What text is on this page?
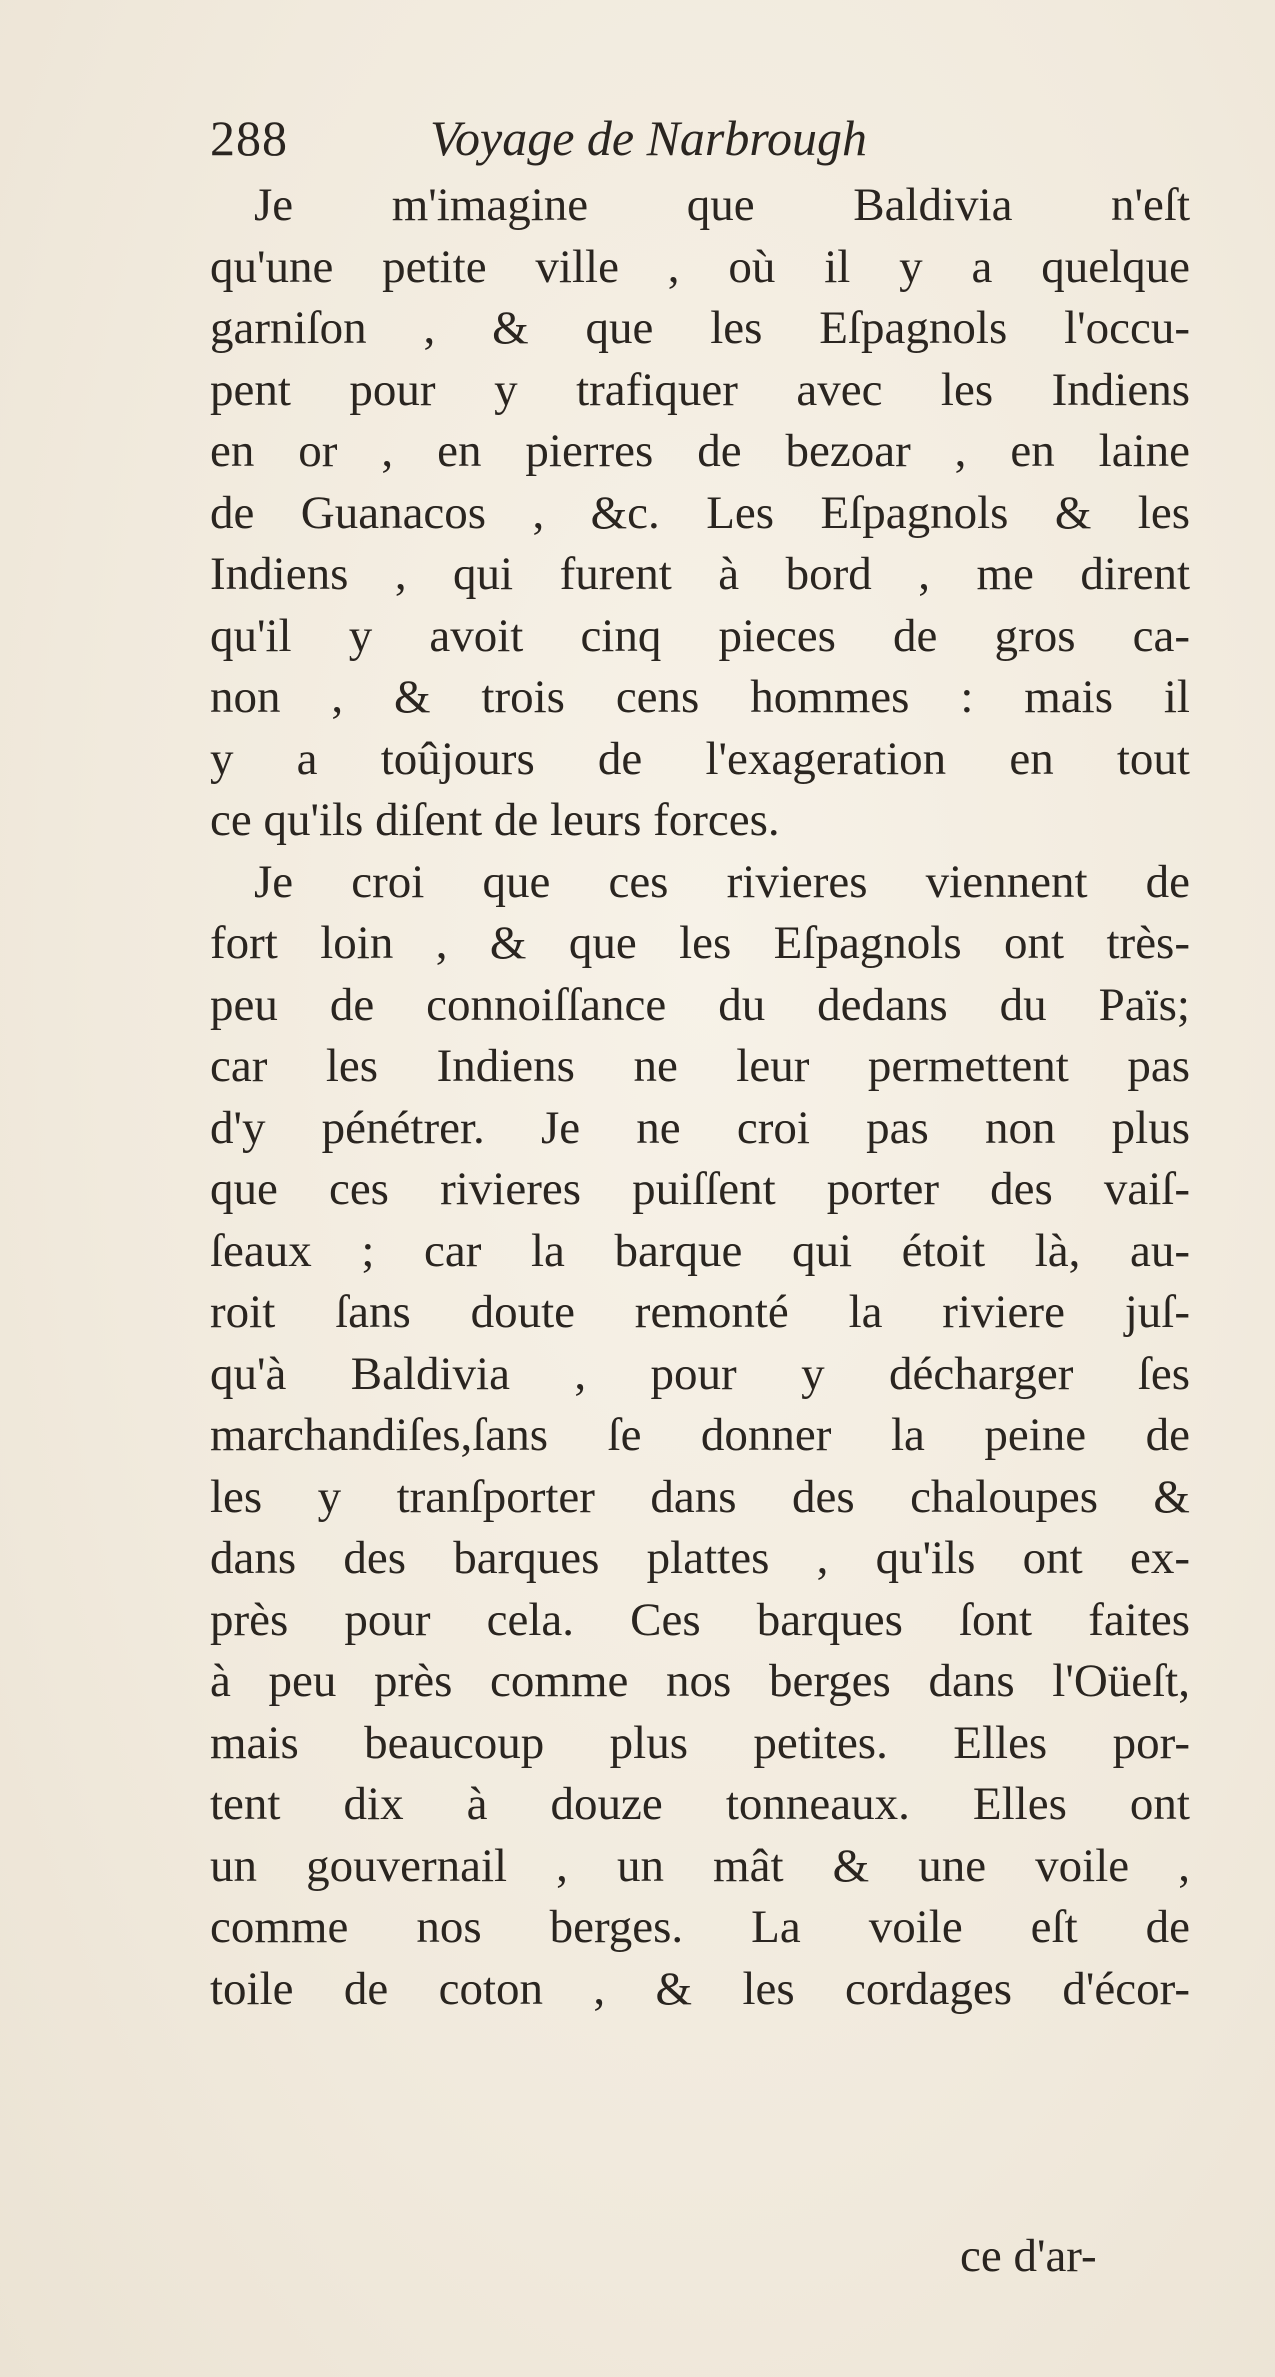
288	Voyage de Narbrough
Je m'imagine que Baldivia n'eſt
qu'une petite ville , où il y a quelque
garniſon , & que les Eſpagnols l'occu-
pent pour y trafiquer avec les Indiens
en or , en pierres de bezoar , en laine
de Guanacos , &c. Les Eſpagnols & les
Indiens , qui furent à bord , me dirent
qu'il y avoit cinq pieces de gros ca-
non , & trois cens hommes : mais il
y a toûjours de l'exageration en tout
ce qu'ils diſent de leurs forces.
Je croi que ces rivieres viennent de
fort loin , & que les Eſpagnols ont très-
peu de connoiſſance du dedans du Païs;
car les Indiens ne leur permettent pas
d'y pénétrer. Je ne croi pas non plus
que ces rivieres puiſſent porter des vaiſ-
ſeaux ; car la barque qui étoit là, au-
roit ſans doute remonté la riviere juſ-
qu'à Baldivia , pour y décharger ſes
marchandiſes,ſans ſe donner la peine de
les y tranſporter dans des chaloupes &
dans des barques plattes , qu'ils ont ex-
près pour cela. Ces barques ſont faites
à peu près comme nos berges dans l'Oüeſt,
mais beaucoup plus petites. Elles por-
tent dix à douze tonneaux. Elles ont
un gouvernail , un mât & une voile ,
comme nos berges. La voile eſt de
toile de coton , & les cordages d'écor-
ce d'ar-
